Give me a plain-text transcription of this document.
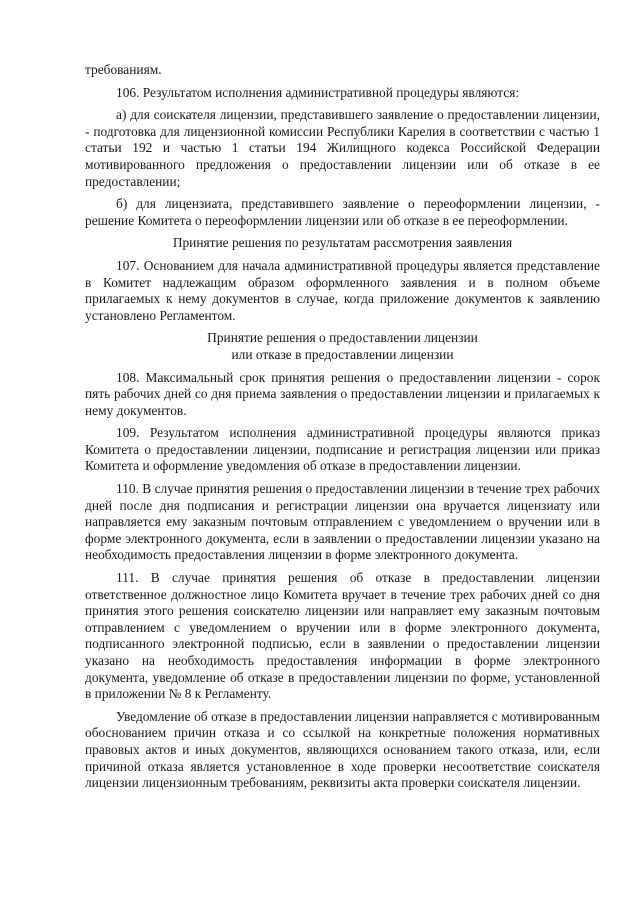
требованиям.

106. Результатом исполнения административной процедуры являются:

а) для соискателя лицензии, представившего заявление о предоставлении лицензии, - подготовка для лицензионной комиссии Республики Карелия в соответствии с частью 1 статьи 192 и частью 1 статьи 194 Жилищного кодекса Российской Федерации мотивированного предложения о предоставлении лицензии или об отказе в ее предоставлении;

б) для лицензиата, представившего заявление о переоформлении лицензии, - решение Комитета о переоформлении лицензии или об отказе в ее переоформлении.

Принятие решения по результатам рассмотрения заявления

107. Основанием для начала административной процедуры является представление в Комитет надлежащим образом оформленного заявления и в полном объеме прилагаемых к нему документов в случае, когда приложение документов к заявлению установлено Регламентом.

Принятие решения о предоставлении лицензии
или отказе в предоставлении лицензии

108. Максимальный срок принятия решения о предоставлении лицензии - сорок пять рабочих дней со дня приема заявления о предоставлении лицензии и прилагаемых к нему документов.

109. Результатом исполнения административной процедуры являются приказ Комитета о предоставлении лицензии, подписание и регистрация лицензии или приказ Комитета и оформление уведомления об отказе в предоставлении лицензии.

110. В случае принятия решения о предоставлении лицензии в течение трех рабочих дней после дня подписания и регистрации лицензии она вручается лицензиату или направляется ему заказным почтовым отправлением с уведомлением о вручении или в форме электронного документа, если в заявлении о предоставлении лицензии указано на необходимость предоставления лицензии в форме электронного документа.

111. В случае принятия решения об отказе в предоставлении лицензии ответственное должностное лицо Комитета вручает в течение трех рабочих дней со дня принятия этого решения соискателю лицензии или направляет ему заказным почтовым отправлением с уведомлением о вручении или в форме электронного документа, подписанного электронной подписью, если в заявлении о предоставлении лицензии указано на необходимость предоставления информации в форме электронного документа, уведомление об отказе в предоставлении лицензии по форме, установленной в приложении № 8 к Регламенту.

Уведомление об отказе в предоставлении лицензии направляется с мотивированным обоснованием причин отказа и со ссылкой на конкретные положения нормативных правовых актов и иных документов, являющихся основанием такого отказа, или, если причиной отказа является установленное в ходе проверки несоответствие соискателя лицензии лицензионным требованиям, реквизиты акта проверки соискателя лицензии.
